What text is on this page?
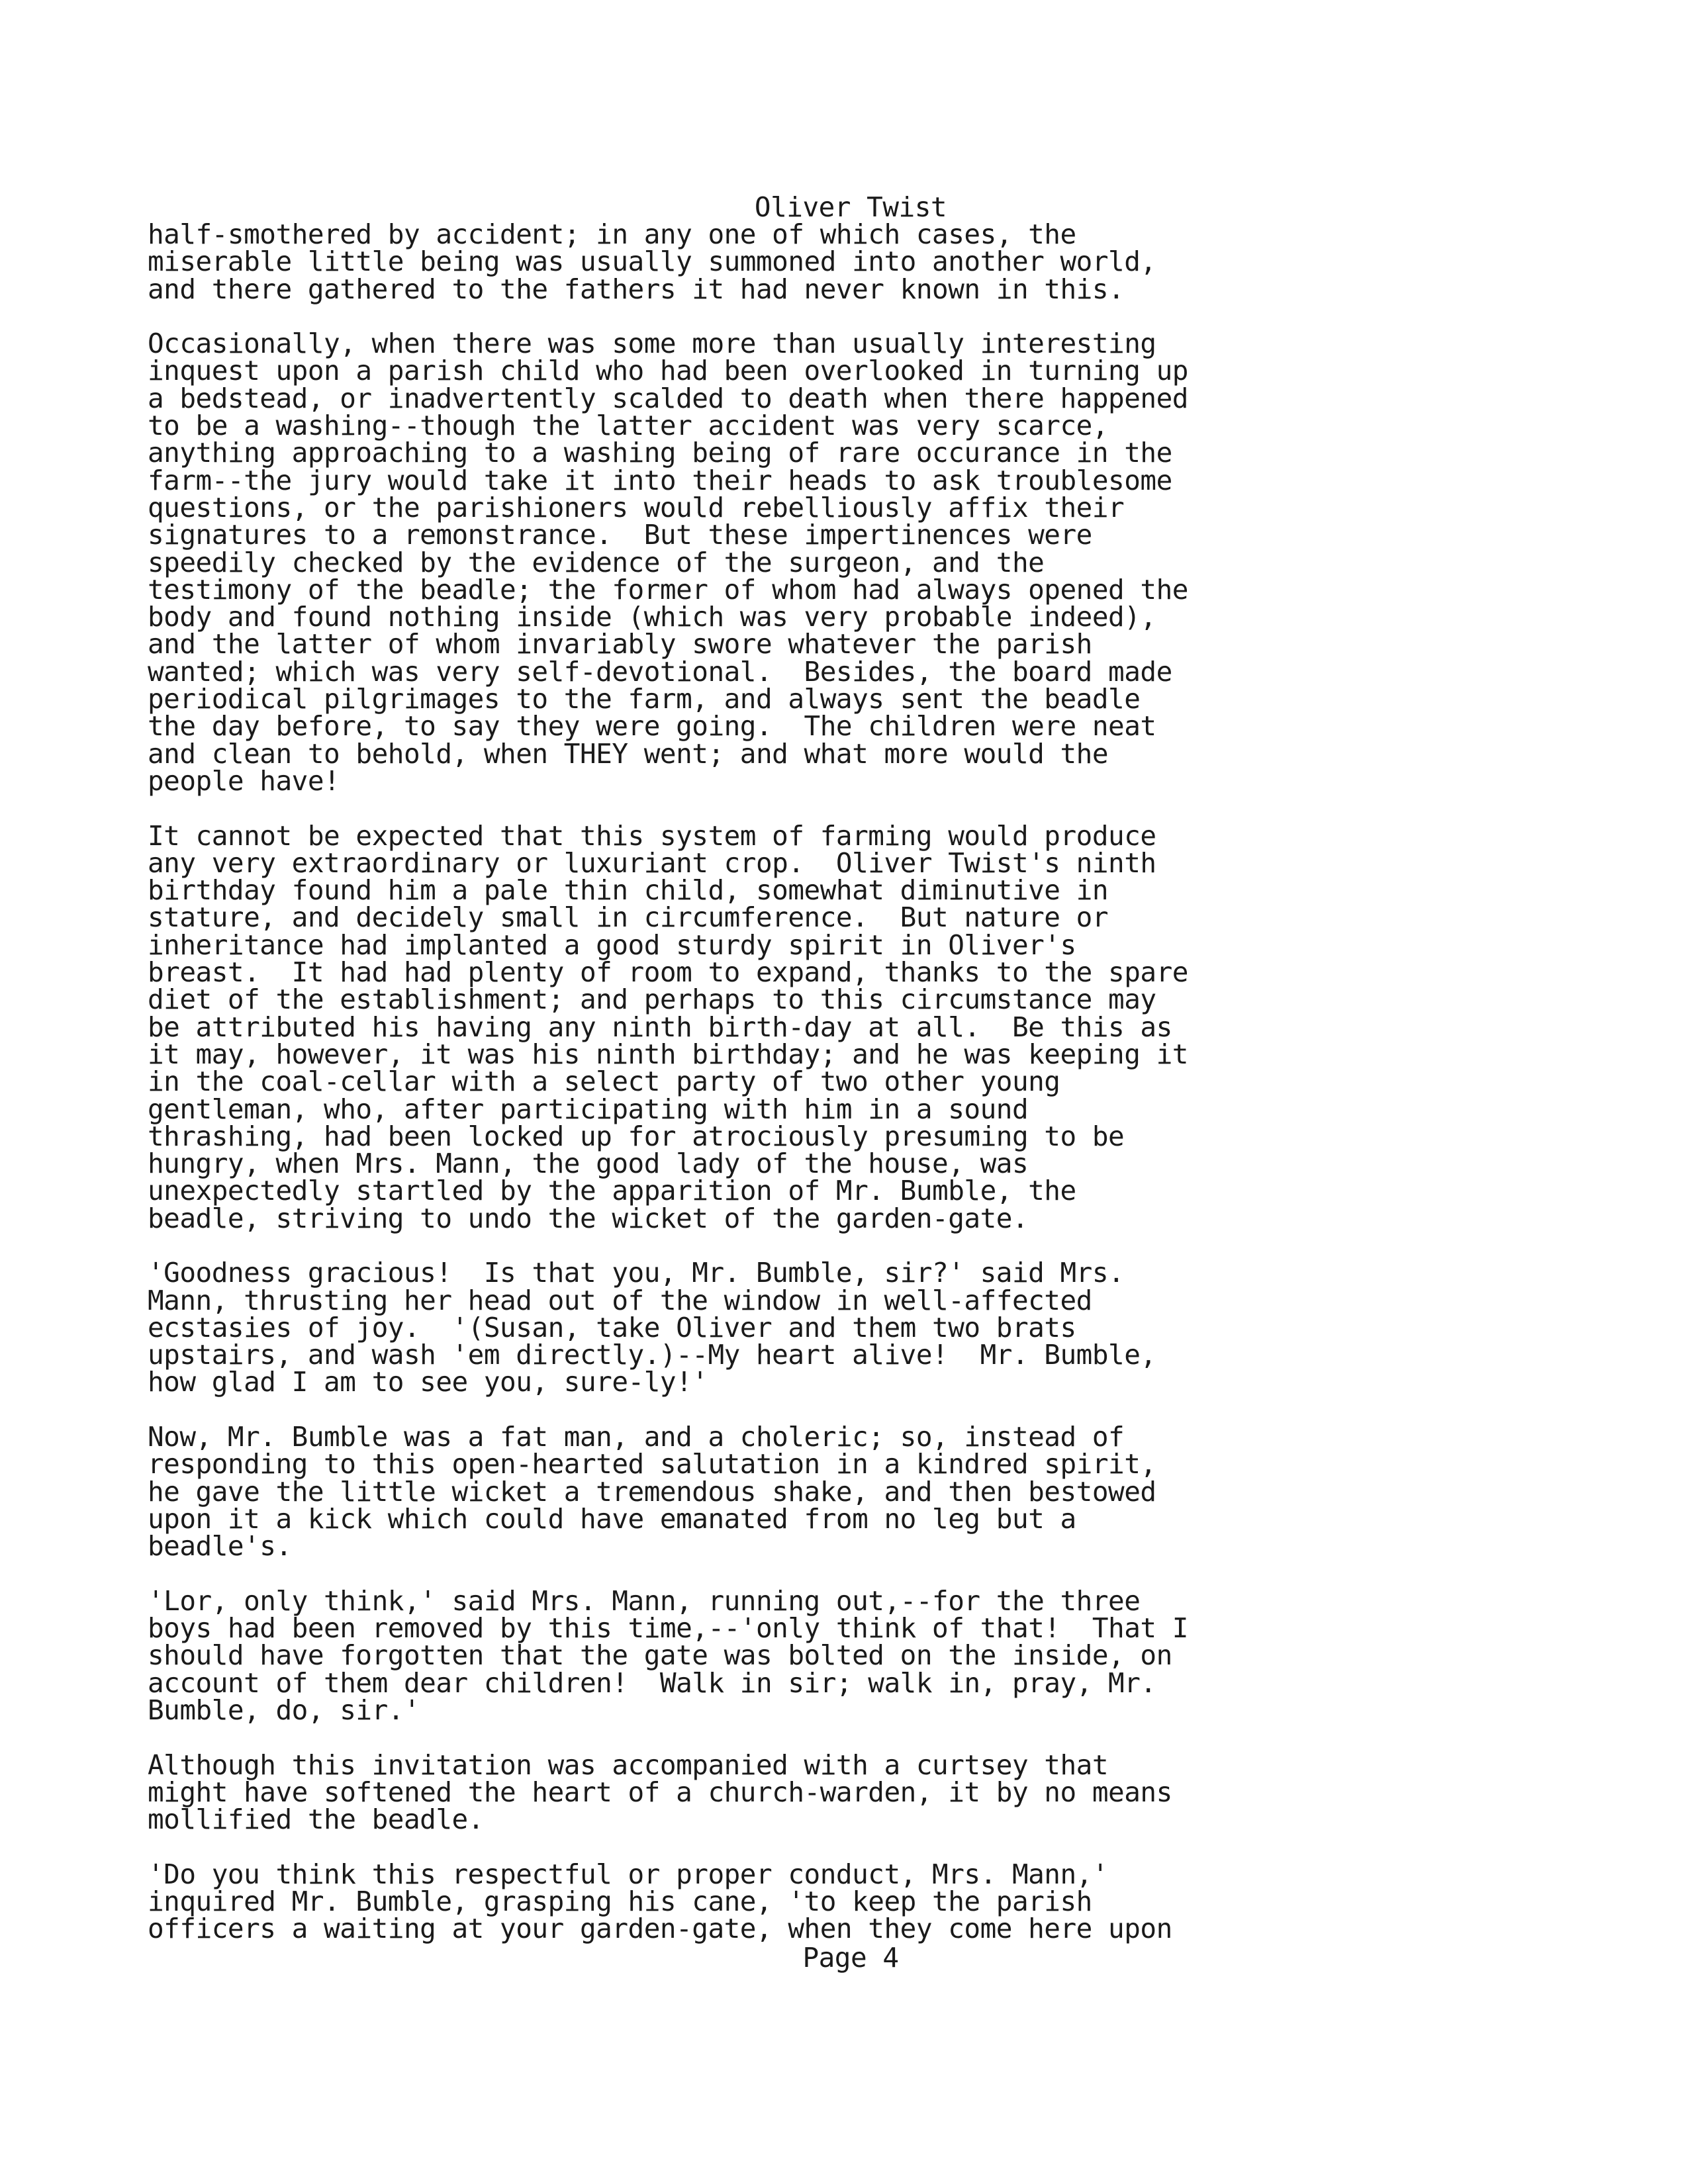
Oliver Twist
half-smothered by accident; in any one of which cases, the
miserable little being was usually summoned into another world,
and there gathered to the fathers it had never known in this.
Occasionally, when there was some more than usually interesting
inquest upon a parish child who had been overlooked in turning up
a bedstead, or inadvertently scalded to death when there happened
to be a washing--though the latter accident was very scarce,
anything approaching to a washing being of rare occurance in the
farm--the jury would take it into their heads to ask troublesome
questions, or the parishioners would rebelliously affix their
signatures to a remonstrance.  But these impertinences were
speedily checked by the evidence of the surgeon, and the
testimony of the beadle; the former of whom had always opened the
body and found nothing inside (which was very probable indeed),
and the latter of whom invariably swore whatever the parish
wanted; which was very self-devotional.  Besides, the board made
periodical pilgrimages to the farm, and always sent the beadle
the day before, to say they were going.  The children were neat
and clean to behold, when THEY went; and what more would the
people have!
It cannot be expected that this system of farming would produce
any very extraordinary or luxuriant crop.  Oliver Twist's ninth
birthday found him a pale thin child, somewhat diminutive in
stature, and decidely small in circumference.  But nature or
inheritance had implanted a good sturdy spirit in Oliver's
breast.  It had had plenty of room to expand, thanks to the spare
diet of the establishment; and perhaps to this circumstance may
be attributed his having any ninth birth-day at all.  Be this as
it may, however, it was his ninth birthday; and he was keeping it
in the coal-cellar with a select party of two other young
gentleman, who, after participating with him in a sound
thrashing, had been locked up for atrociously presuming to be
hungry, when Mrs. Mann, the good lady of the house, was
unexpectedly startled by the apparition of Mr. Bumble, the
beadle, striving to undo the wicket of the garden-gate.
'Goodness gracious!  Is that you, Mr. Bumble, sir?' said Mrs.
Mann, thrusting her head out of the window in well-affected
ecstasies of joy.  '(Susan, take Oliver and them two brats
upstairs, and wash 'em directly.)--My heart alive!  Mr. Bumble,
how glad I am to see you, sure-ly!'
Now, Mr. Bumble was a fat man, and a choleric; so, instead of
responding to this open-hearted salutation in a kindred spirit,
he gave the little wicket a tremendous shake, and then bestowed
upon it a kick which could have emanated from no leg but a
beadle's.
'Lor, only think,' said Mrs. Mann, running out,--for the three
boys had been removed by this time,--'only think of that!  That I
should have forgotten that the gate was bolted on the inside, on
account of them dear children!  Walk in sir; walk in, pray, Mr.
Bumble, do, sir.'
Although this invitation was accompanied with a curtsey that
might have softened the heart of a church-warden, it by no means
mollified the beadle.
'Do you think this respectful or proper conduct, Mrs. Mann,'
inquired Mr. Bumble, grasping his cane, 'to keep the parish
officers a waiting at your garden-gate, when they come here upon
Page 4
